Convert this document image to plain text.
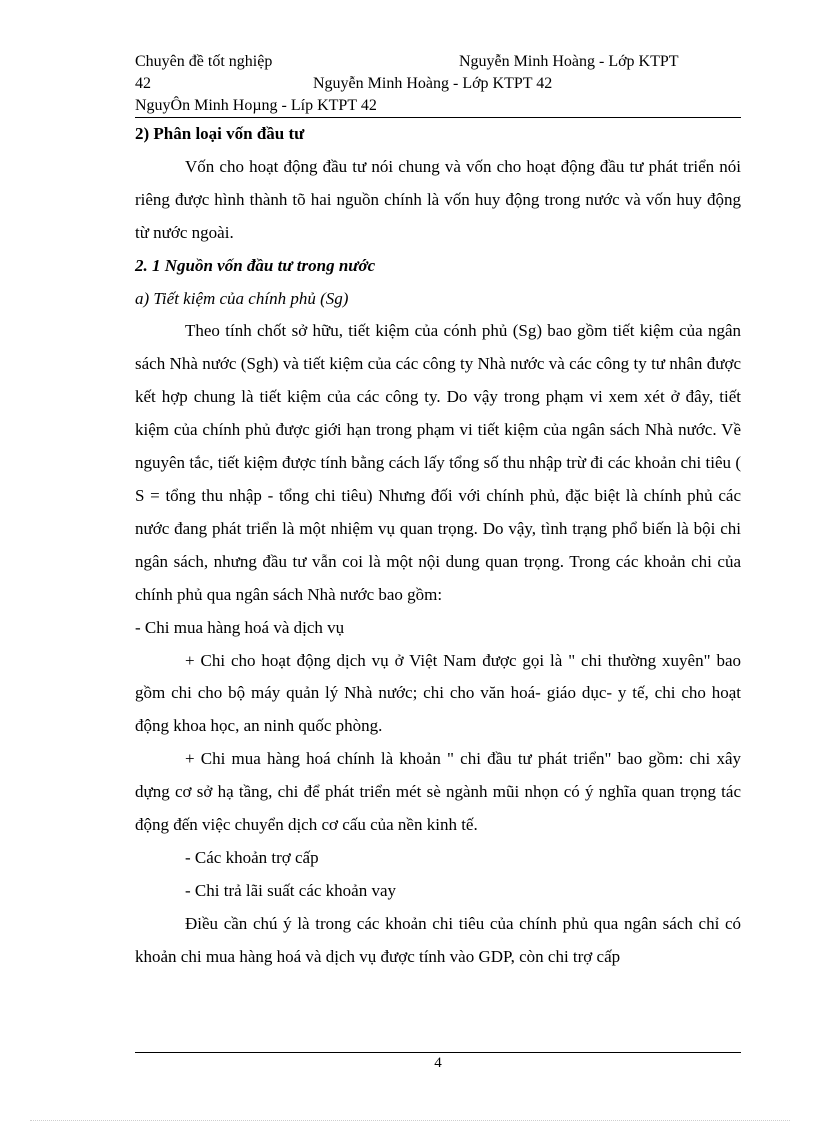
Chuyên đề tốt nghiệp	Nguyễn Minh Hoàng - Lớp KTPT
42	Nguyễn Minh Hoàng - Lớp KTPT 42
NguyÔn Minh Hoµng - Líp KTPT 42

2) Phân loại vốn đầu tư

Vốn cho hoạt động đầu tư nói chung và vốn cho hoạt động đầu tư phát triển nói riêng được hình thành tõ hai nguồn chính là vốn huy động trong nước và vốn huy động từ nước ngoài.

2. 1 Nguồn vốn đầu tư trong nước

a) Tiết kiệm của chính phủ (Sg)

Theo tính chốt sở hữu, tiết kiệm của cónh phủ (Sg) bao gồm tiết kiệm của ngân sách Nhà nước (Sgh) và tiết kiệm của các công ty Nhà nước và các công ty tư nhân được kết hợp chung là tiết kiệm của các công ty. Do vậy trong phạm vi xem xét ở đây, tiết kiệm của chính phủ được giới hạn trong phạm vi tiết kiệm của ngân sách Nhà nước. Về nguyên tắc, tiết kiệm được tính bằng cách lấy tổng số thu nhập trừ đi các khoản chi tiêu ( S = tổng thu nhập - tổng chi tiêu) Nhưng đối với chính phủ, đặc biệt là chính phủ các nước đang phát triển là một nhiệm vụ quan trọng. Do vậy, tình trạng phổ biến là bội chi ngân sách, nhưng đầu tư vẫn coi là một nội dung quan trọng. Trong các khoản chi của chính phủ qua ngân sách Nhà nước bao gồm:

- Chi mua hàng hoá và dịch vụ

+ Chi cho hoạt động dịch vụ ở Việt Nam được gọi là " chi thường xuyên" bao gồm chi cho bộ máy quản lý Nhà nước; chi cho văn hoá- giáo dục- y tế, chi cho hoạt động khoa học, an ninh quốc phòng.

+ Chi mua hàng hoá chính là khoản " chi đầu tư phát triển" bao gồm: chi xây dựng cơ sở hạ tầng, chi để phát triển mét sè ngành mũi nhọn có ý nghĩa quan trọng tác động đến việc chuyển dịch cơ cấu của nền kinh tế.

- Các khoản trợ cấp

- Chi trả lãi suất các khoản vay

Điều cần chú ý là trong các khoản chi tiêu của chính phủ qua ngân sách chỉ có khoản chi mua hàng hoá và dịch vụ được tính vào GDP, còn chi trợ cấp

4
